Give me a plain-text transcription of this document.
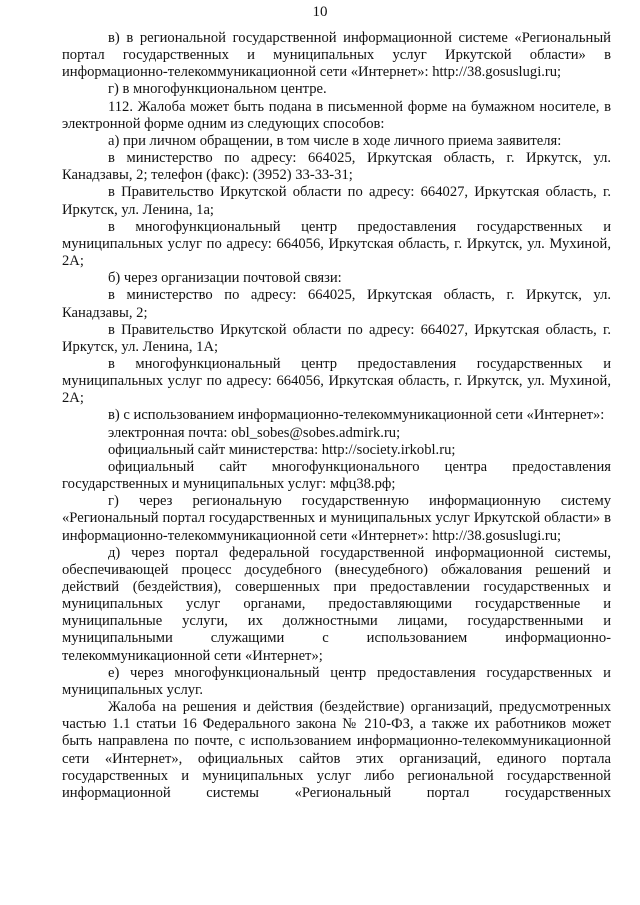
10

в) в региональной государственной информационной системе «Региональный портал государственных и муниципальных услуг Иркутской области» в информационно-телекоммуникационной сети «Интернет»: http://38.gosuslugi.ru;

г) в многофункциональном центре.

112. Жалоба может быть подана в письменной форме на бумажном носителе, в электронной форме одним из следующих способов:

а) при личном обращении, в том числе в ходе личного приема заявителя:

в министерство по адресу: 664025, Иркутская область, г. Иркутск, ул. Канадзавы, 2; телефон (факс): (3952) 33-33-31;

в Правительство Иркутской области по адресу: 664027, Иркутская область, г. Иркутск, ул. Ленина, 1а;

в многофункциональный центр предоставления государственных и муниципальных услуг по адресу: 664056, Иркутская область, г. Иркутск, ул. Мухиной, 2А;

б) через организации почтовой связи:

в министерство по адресу: 664025, Иркутская область, г. Иркутск, ул. Канадзавы, 2;

в Правительство Иркутской области по адресу: 664027, Иркутская область, г. Иркутск, ул. Ленина, 1А;

в многофункциональный центр предоставления государственных и муниципальных услуг по адресу: 664056, Иркутская область, г. Иркутск, ул. Мухиной, 2А;

в) с использованием информационно-телекоммуникационной сети «Интернет»:

электронная почта: obl_sobes@sobes.admirk.ru;

официальный сайт министерства: http://society.irkobl.ru;

официальный сайт многофункционального центра предоставления государственных и муниципальных услуг: мфц38.рф;

г) через региональную государственную информационную систему «Региональный портал государственных и муниципальных услуг Иркутской области» в информационно-телекоммуникационной сети «Интернет»: http://38.gosuslugi.ru;

д) через портал федеральной государственной информационной системы, обеспечивающей процесс досудебного (внесудебного) обжалования решений и действий (бездействия), совершенных при предоставлении государственных и муниципальных услуг органами, предоставляющими государственные и муниципальные услуги, их должностными лицами, государственными и муниципальными служащими с использованием информационно-телекоммуникационной сети «Интернет»;

е) через многофункциональный центр предоставления государственных и муниципальных услуг.

Жалоба на решения и действия (бездействие) организаций, предусмотренных частью 1.1 статьи 16 Федерального закона № 210-ФЗ, а также их работников может быть направлена по почте, с использованием информационно-телекоммуникационной сети «Интернет», официальных сайтов этих организаций, единого портала государственных и муниципальных услуг либо региональной государственной информационной системы «Региональный портал государственных
